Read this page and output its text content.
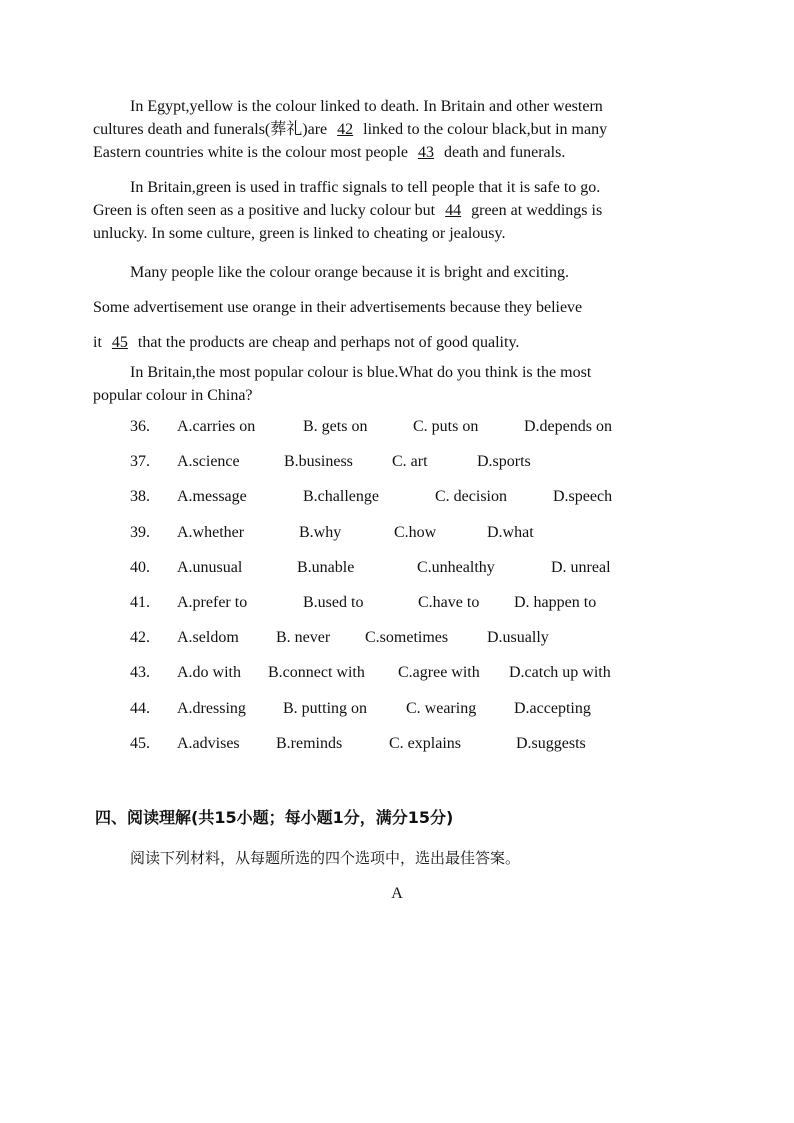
In Egypt,yellow is the colour linked to death. In Britain and other western
cultures death and funerals(葬礼)are 42 linked to the colour black,but in many
Eastern countries white is the colour most people 43 death and funerals.
In Britain,green is used in traffic signals to tell people that it is safe to go.
Green is often seen as a positive and lucky colour but 44 green at weddings is
unlucky. In some culture, green is linked to cheating or jealousy.
Many people like the colour orange because it is bright and exciting.
Some advertisement use orange in their advertisements because they believe
it 45 that the products are cheap and perhaps not of good quality.
In Britain,the most popular colour is blue.What do you think is the most
popular colour in China?
36. A.carries on	B. gets on	C. puts on	D.depends on
37. A.science	B.business C. art	D.sports
38. A.message	B.challenge	C. decision	D.speech
39. A.whether	B.why	C.how	D.what
40. A.unusual	B.unable	C.unhealthy	D. unreal
41. A.prefer to	B.used to	C.have to D. happen to
42. A.seldom B. never C.sometimes D.usually
43. A.do with B.connect with C.agree with D.catch up with
44. A.dressing B. putting on C. wearing D.accepting
45. A.advises B.reminds	C. explains	D.suggests
四、阅读理解(共15小题；每小题1分，满分15分)
阅读下列材料，从每题所选的四个选项中，选出最佳答案。
A
